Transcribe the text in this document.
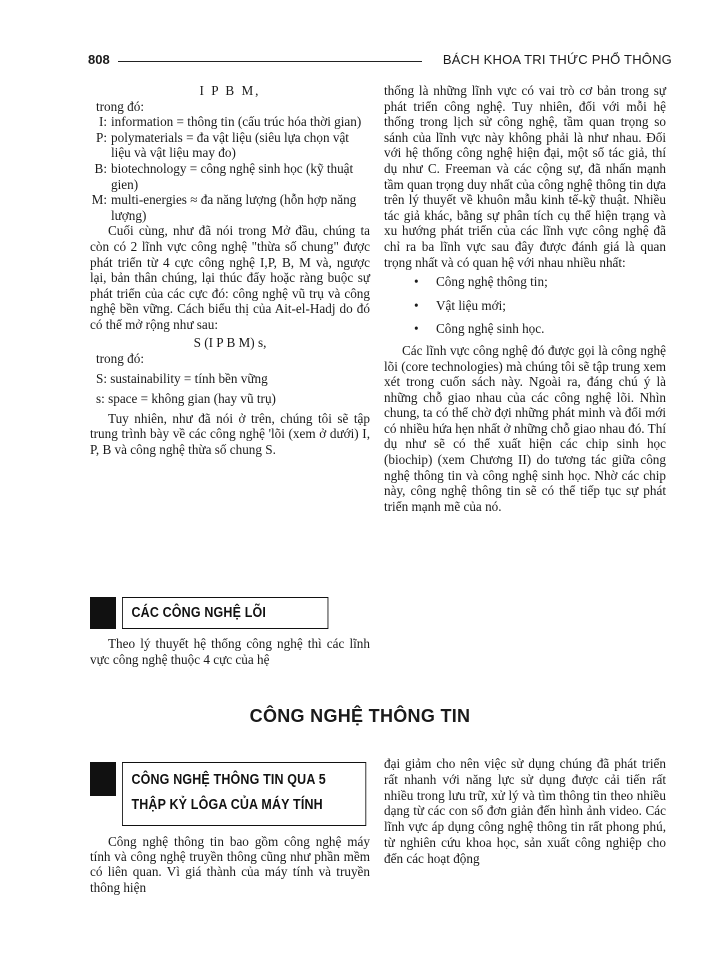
808	BÁCH KHOA TRI THỨC PHỔ THÔNG

I P B M,

trong đó:

I: information = thông tin (cấu trúc hóa thời gian)
P: polymaterials = đa vật liệu (siêu lựa chọn vật liệu và vật liệu may đo)
B: biotechnology = công nghệ sinh học (kỹ thuật gien)
M: multi-energies ≈ đa năng lượng (hỗn hợp năng lượng)

Cuối cùng, như đã nói trong Mở đầu, chúng ta còn có 2 lĩnh vực công nghệ "thừa số chung" được phát triển từ 4 cực công nghệ I,P, B, M và, ngược lại, bản thân chúng, lại thúc đẩy hoặc ràng buộc sự phát triển của các cực đó: công nghệ vũ trụ và công nghệ bền vững. Cách biểu thị của Ait-el-Hadj do đó có thể mở rộng như sau:

S (I P B M) s,

trong đó:

S: sustainability = tính bền vững

s: space = không gian (hay vũ trụ)

Tuy nhiên, như đã nói ở trên, chúng tôi sẽ tập trung trình bày về các công nghệ 'lõi (xem ở dưới) I, P, B và công nghệ thừa số chung S.

CÁC CÔNG NGHỆ LÕI

Theo lý thuyết hệ thống công nghệ thì các lĩnh vực công nghệ thuộc 4 cực của hệ

thống là những lĩnh vực có vai trò cơ bản trong sự phát triển công nghệ. Tuy nhiên, đối với mỗi hệ thống trong lịch sử công nghệ, tầm quan trọng so sánh của lĩnh vực này không phải là như nhau. Đối với hệ thống công nghệ hiện đại, một số tác giả, thí dụ như C. Freeman và các cộng sự, đã nhấn mạnh tầm quan trọng duy nhất của công nghệ thông tin dựa trên lý thuyết về khuôn mẫu kinh tế-kỹ thuật. Nhiều tác giả khác, bằng sự phân tích cụ thể hiện trạng và xu hướng phát triển của các lĩnh vực công nghệ đã chỉ ra ba lĩnh vực sau đây được đánh giá là quan trọng nhất và có quan hệ với nhau nhiều nhất:

•	Công nghệ thông tin;
•	Vật liệu mới;
•	Công nghệ sinh học.

Các lĩnh vực công nghệ đó được gọi là công nghệ lõi (core technologies) mà chúng tôi sẽ tập trung xem xét trong cuốn sách này. Ngoài ra, đáng chú ý là những chỗ giao nhau của các công nghệ lõi. Nhìn chung, ta có thể chờ đợi những phát minh và đổi mới có nhiều hứa hẹn nhất ở những chỗ giao nhau đó. Thí dụ như sẽ có thể xuất hiện các chip sinh học (biochip) (xem Chương II) do tương tác giữa công nghệ thông tin và công nghệ sinh học. Nhờ các chip này, công nghệ thông tin sẽ có thể tiếp tục sự phát triển mạnh mẽ của nó.

CÔNG NGHỆ THÔNG TIN
CÔNG NGHỆ THÔNG TIN QUA 5
THẬP KỶ LÔGA CỦA MÁY TÍNH

Công nghệ thông tin bao gồm công nghệ máy tính và công nghệ truyền thông cũng như phần mềm có liên quan. Vì giá thành của máy tính và truyền thông hiện

đại giảm cho nên việc sử dụng chúng đã phát triển rất nhanh với năng lực sử dụng được cải tiến rất nhiều trong lưu trữ, xử lý và tìm thông tin theo nhiều dạng từ các con số đơn giản đến hình ảnh video. Các lĩnh vực áp dụng công nghệ thông tin rất phong phú, từ nghiên cứu khoa học, sản xuất công nghiệp cho đến các hoạt động
